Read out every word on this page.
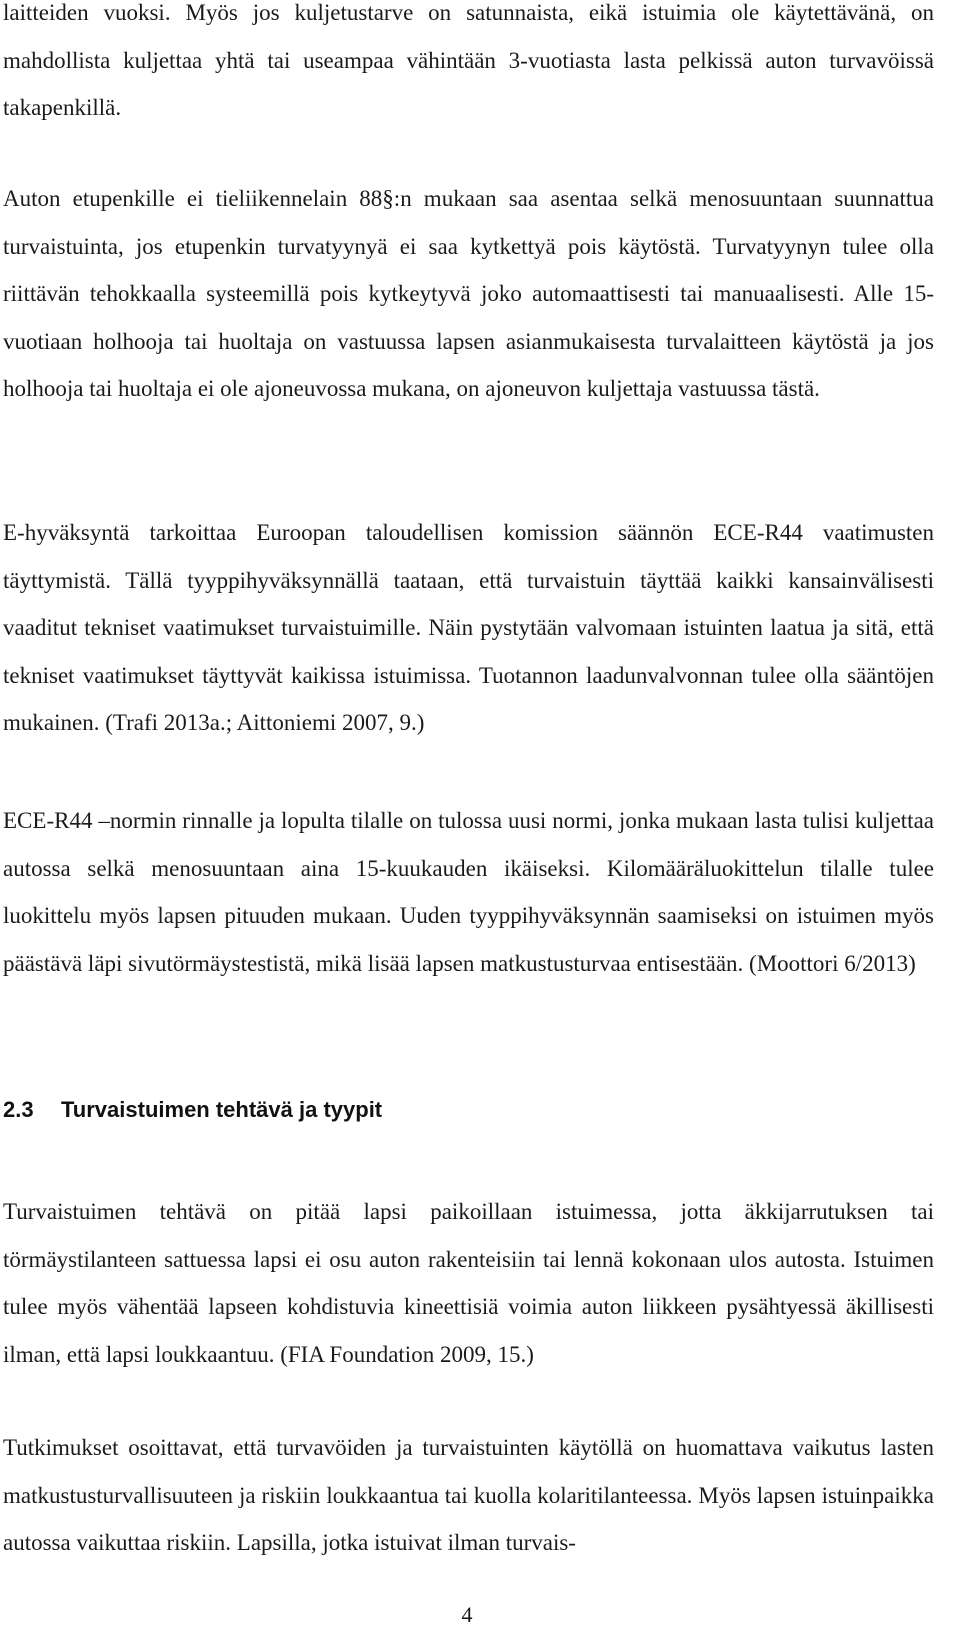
laitteiden vuoksi. Myös jos kuljetustarve on satunnaista, eikä istuimia ole käytettävänä, on mahdollista kuljettaa yhtä tai useampaa vähintään 3-vuotiasta lasta pelkissä auton turvavöissä takapenkillä.

Auton etupenkille ei tieliikennelain 88§:n mukaan saa asentaa selkä menosuuntaan suunnattua turvaistuinta, jos etupenkin turvatyynyä ei saa kytkettyä pois käytöstä. Turvatyynyn tulee olla riittävän tehokkaalla systeemillä pois kytkeytyvä joko automaattisesti tai manuaalisesti. Alle 15-vuotiaan holhooja tai huoltaja on vastuussa lapsen asianmukaisesta turvalaitteen käytöstä ja jos holhooja tai huoltaja ei ole ajoneuvossa mukana, on ajoneuvon kuljettaja vastuussa tästä.

E-hyväksyntä tarkoittaa Euroopan taloudellisen komission säännön ECE-R44 vaatimusten täyttymistä. Tällä tyyppihyväksynnällä taataan, että turvaistuin täyttää kaikki kansainvälisesti vaaditut tekniset vaatimukset turvaistuimille. Näin pystytään valvomaan istuinten laatua ja sitä, että tekniset vaatimukset täyttyvät kaikissa istuimissa. Tuotannon laadunvalvonnan tulee olla sääntöjen mukainen. (Trafi 2013a.; Aittoniemi 2007, 9.)

ECE-R44 –normin rinnalle ja lopulta tilalle on tulossa uusi normi, jonka mukaan lasta tulisi kuljettaa autossa selkä menosuuntaan aina 15-kuukauden ikäiseksi. Kilomääräluokittelun tilalle tulee luokittelu myös lapsen pituuden mukaan. Uuden tyyppihyväksynnän saamiseksi on istuimen myös päästävä läpi sivutörmäystestistä, mikä lisää lapsen matkustusturvaa entisestään. (Moottori 6/2013)

2.3 Turvaistuimen tehtävä ja tyypit

Turvaistuimen tehtävä on pitää lapsi paikoillaan istuimessa, jotta äkkijarrutuksen tai törmäystilanteen sattuessa lapsi ei osu auton rakenteisiin tai lennä kokonaan ulos autosta. Istuimen tulee myös vähentää lapseen kohdistuvia kineettisiä voimia auton liikkeen pysähtyessä äkillisesti ilman, että lapsi loukkaantuu. (FIA Foundation 2009, 15.)

Tutkimukset osoittavat, että turvavöiden ja turvaistuinten käytöllä on huomattava vaikutus lasten matkustusturvallisuuteen ja riskiin loukkaantua tai kuolla kolaritilanteessa. Myös lapsen istuinpaikka autossa vaikuttaa riskiin. Lapsilla, jotka istuivat ilman turvais-

4
